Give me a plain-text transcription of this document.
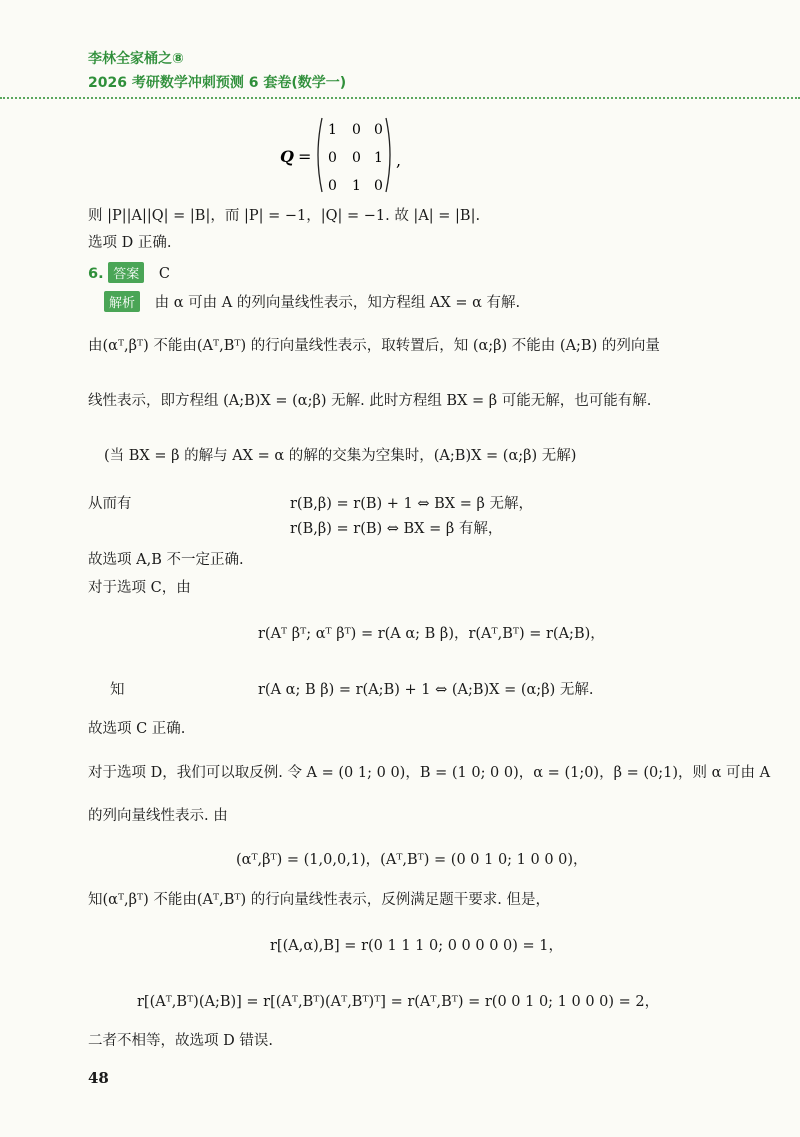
李林全家桶之⑧
2026 考研数学冲刺预测 6 套卷(数学一)
Q =
1 0 0
0 0 1
0 1 0
,
则 |P||A||Q| = |B|，而 |P| = −1，|Q| = −1. 故 |A| = |B|.
选项 D 正确.
6. 答案 C
解析 由 α 可由 A 的列向量线性表示，知方程组 AX = α 有解.
由(αᵀ,βᵀ) 不能由(Aᵀ,Bᵀ) 的行向量线性表示，取转置后，知 (α;β) 不能由 (A;B) 的列向量
线性表示，即方程组 (A;B)X = (α;β) 无解. 此时方程组 BX = β 可能无解，也可能有解.
(当 BX = β 的解与 AX = α 的解的交集为空集时，(A;B)X = (α;β) 无解)
从而有	r(B,β) = r(B) + 1 ⇔ BX = β 无解，
r(B,β) = r(B) ⇔ BX = β 有解，
故选项 A,B 不一定正确.
对于选项 C，由
r(Aᵀ βᵀ; αᵀ βᵀ) = r(A α; B β)，r(Aᵀ,Bᵀ) = r(A;B)，
知	r(A α; B β) = r(A;B) + 1 ⇔ (A;B)X = (α;β) 无解.
故选项 C 正确.
对于选项 D，我们可以取反例. 令 A = (0 1; 0 0)，B = (1 0; 0 0)，α = (1;0)，β = (0;1)，则 α 可由 A
的列向量线性表示. 由
(αᵀ,βᵀ) = (1,0,0,1)，(Aᵀ,Bᵀ) = (0 0 1 0; 1 0 0 0)，
知(αᵀ,βᵀ) 不能由(Aᵀ,Bᵀ) 的行向量线性表示，反例满足题干要求. 但是，
r[(A,α),B] = r(0 1 1 1 0; 0 0 0 0 0) = 1，
r[(Aᵀ,Bᵀ)(A;B)] = r[(Aᵀ,Bᵀ)(Aᵀ,Bᵀ)ᵀ] = r(Aᵀ,Bᵀ) = r(0 0 1 0; 1 0 0 0) = 2，
二者不相等，故选项 D 错误.
48
